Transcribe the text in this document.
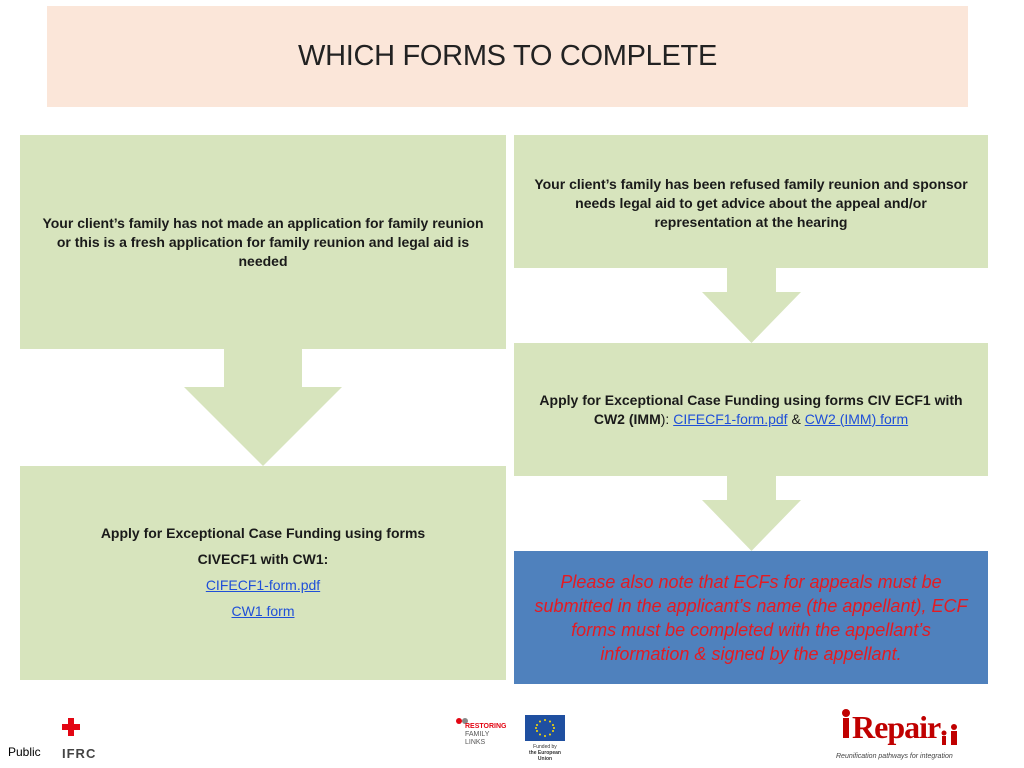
WHICH FORMS TO COMPLETE
Your client’s family has not made an application for family reunion or this is a fresh application for family reunion and legal aid is needed
Your client’s family has been refused family reunion and sponsor needs legal aid to get advice about the appeal and/or representation at the hearing
Apply for Exceptional Case Funding using forms CIV ECF1 with CW2 (IMM): CIFECF1-form.pdf & CW2 (IMM) form
Apply for Exceptional Case Funding using forms
CIVECF1 with CW1:
CIFECF1-form.pdf
CW1 form
Please also note that ECFs for appeals must be submitted in the applicant’s name (the appellant), ECF forms must be completed with the appellant’s information & signed by the appellant.
Public IFRC
RESTORING
FAMILY LINKS
Funded by
the European Union
Repair
Reunification pathways for integration
